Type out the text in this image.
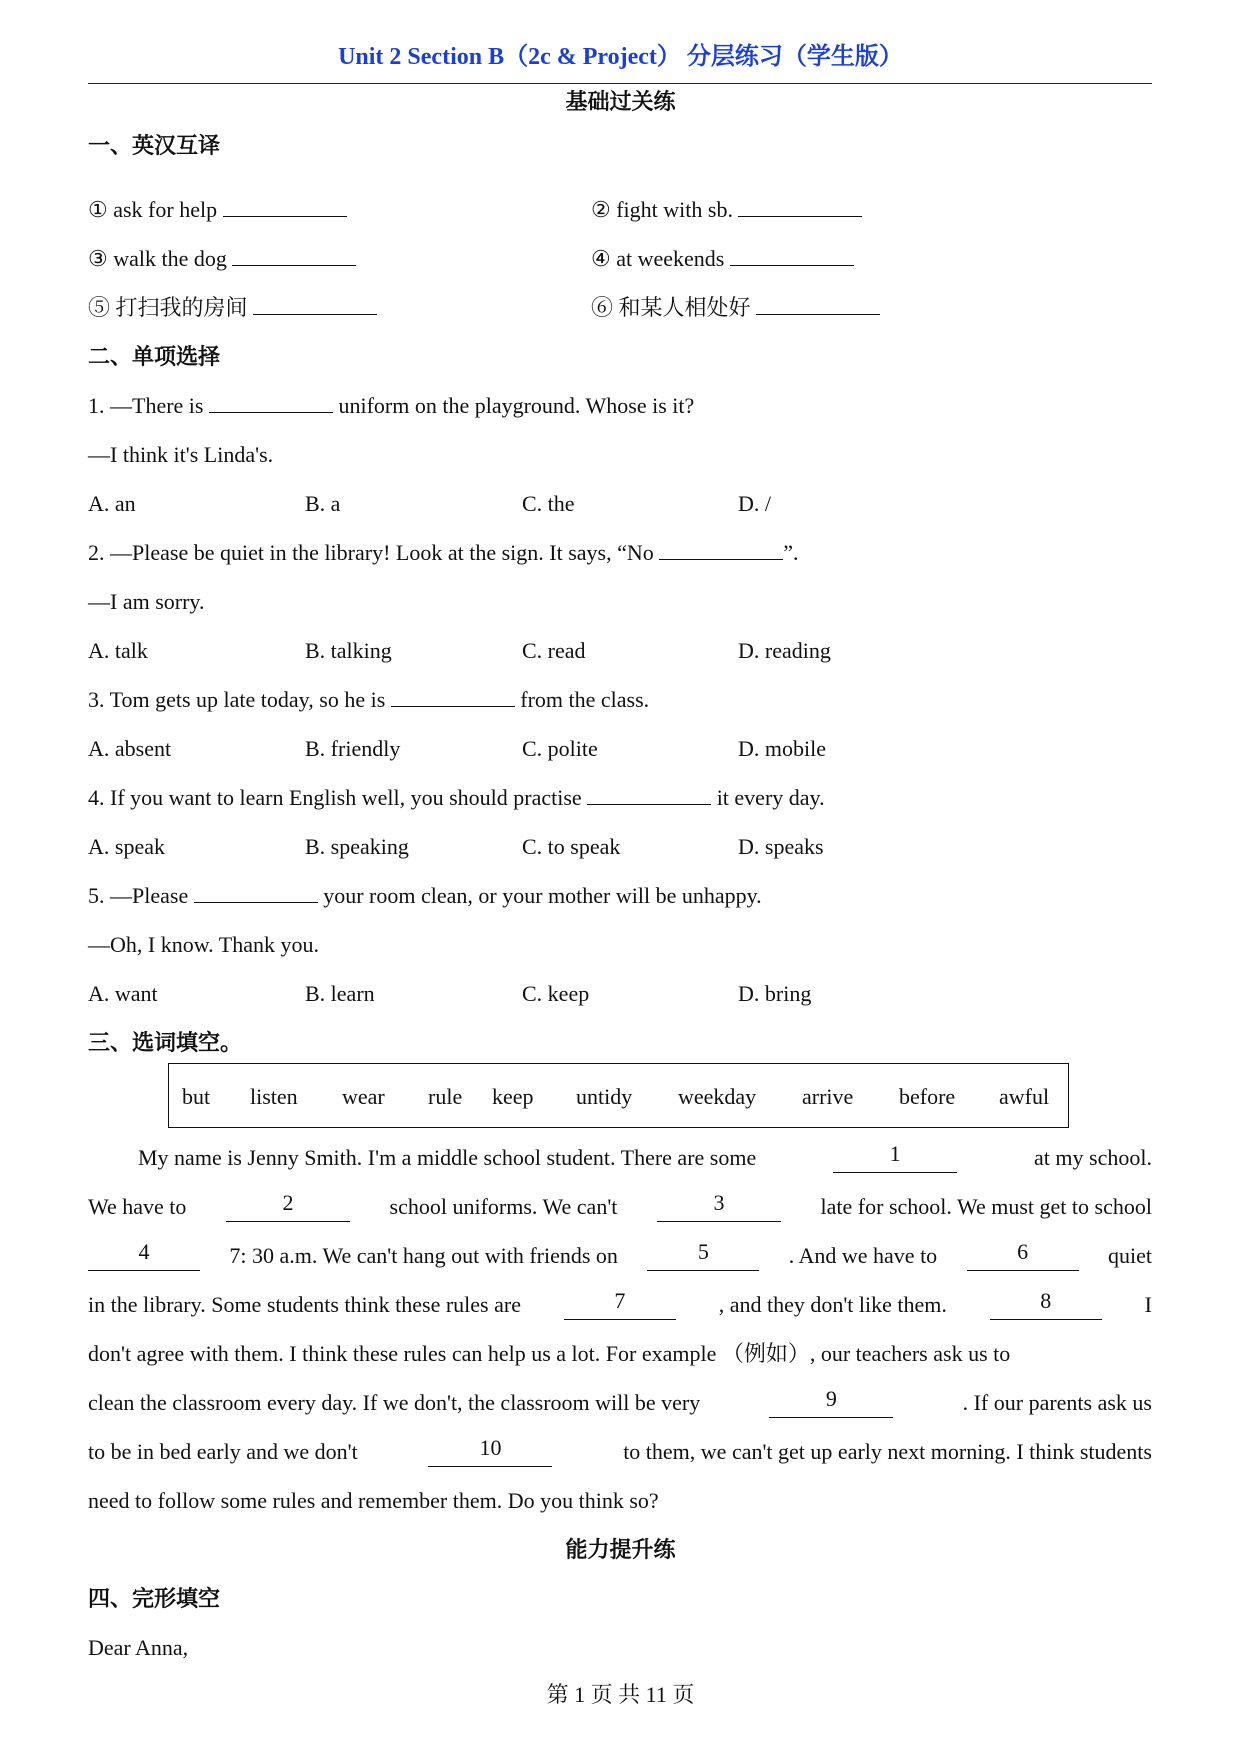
Unit 2 Section B（2c & Project） 分层练习（学生版）
基础过关练
一、英汉互译
① ask for help	② fight with sb.
③ walk the dog	④ at weekends
⑤ 打扫我的房间	⑥ 和某人相处好
二、单项选择
1. —There is	uniform on the playground. Whose is it?
—I think it's Linda's.
A. an	B. a	C. the	D. /
2. —Please be quiet in the library! Look at the sign. It says, “No	”.
—I am sorry.
A. talk	B. talking	C. read	D. reading
3. Tom gets up late today, so he is	from the class.
A. absent	B. friendly	C. polite	D. mobile
4. If you want to learn English well, you should practise	it every day.
A. speak	B. speaking	C. to speak	D. speaks
5. —Please	your room clean, or your mother will be unhappy.
—Oh, I know. Thank you.
A. want	B. learn	C. keep	D. bring
三、选词填空。
but listen wear rule keep untidy weekday arrive before awful
My name is Jenny Smith. I'm a middle school student. There are some	1	at my school.
We have to	2	school uniforms. We can't	3	late for school. We must get to school
4	7: 30 a.m. We can't hang out with friends on	5	. And we have to	6	quiet
in the library. Some students think these rules are	7	, and they don't like them.	8	I
don't agree with them. I think these rules can help us a lot. For example （例如）, our teachers ask us to
clean the classroom every day. If we don't, the classroom will be very	9	. If our parents ask us
to be in bed early and we don't	10	to them, we can't get up early next morning. I think students
need to follow some rules and remember them. Do you think so?
能力提升练
四、完形填空
Dear Anna,
第 1 页 共 11 页
